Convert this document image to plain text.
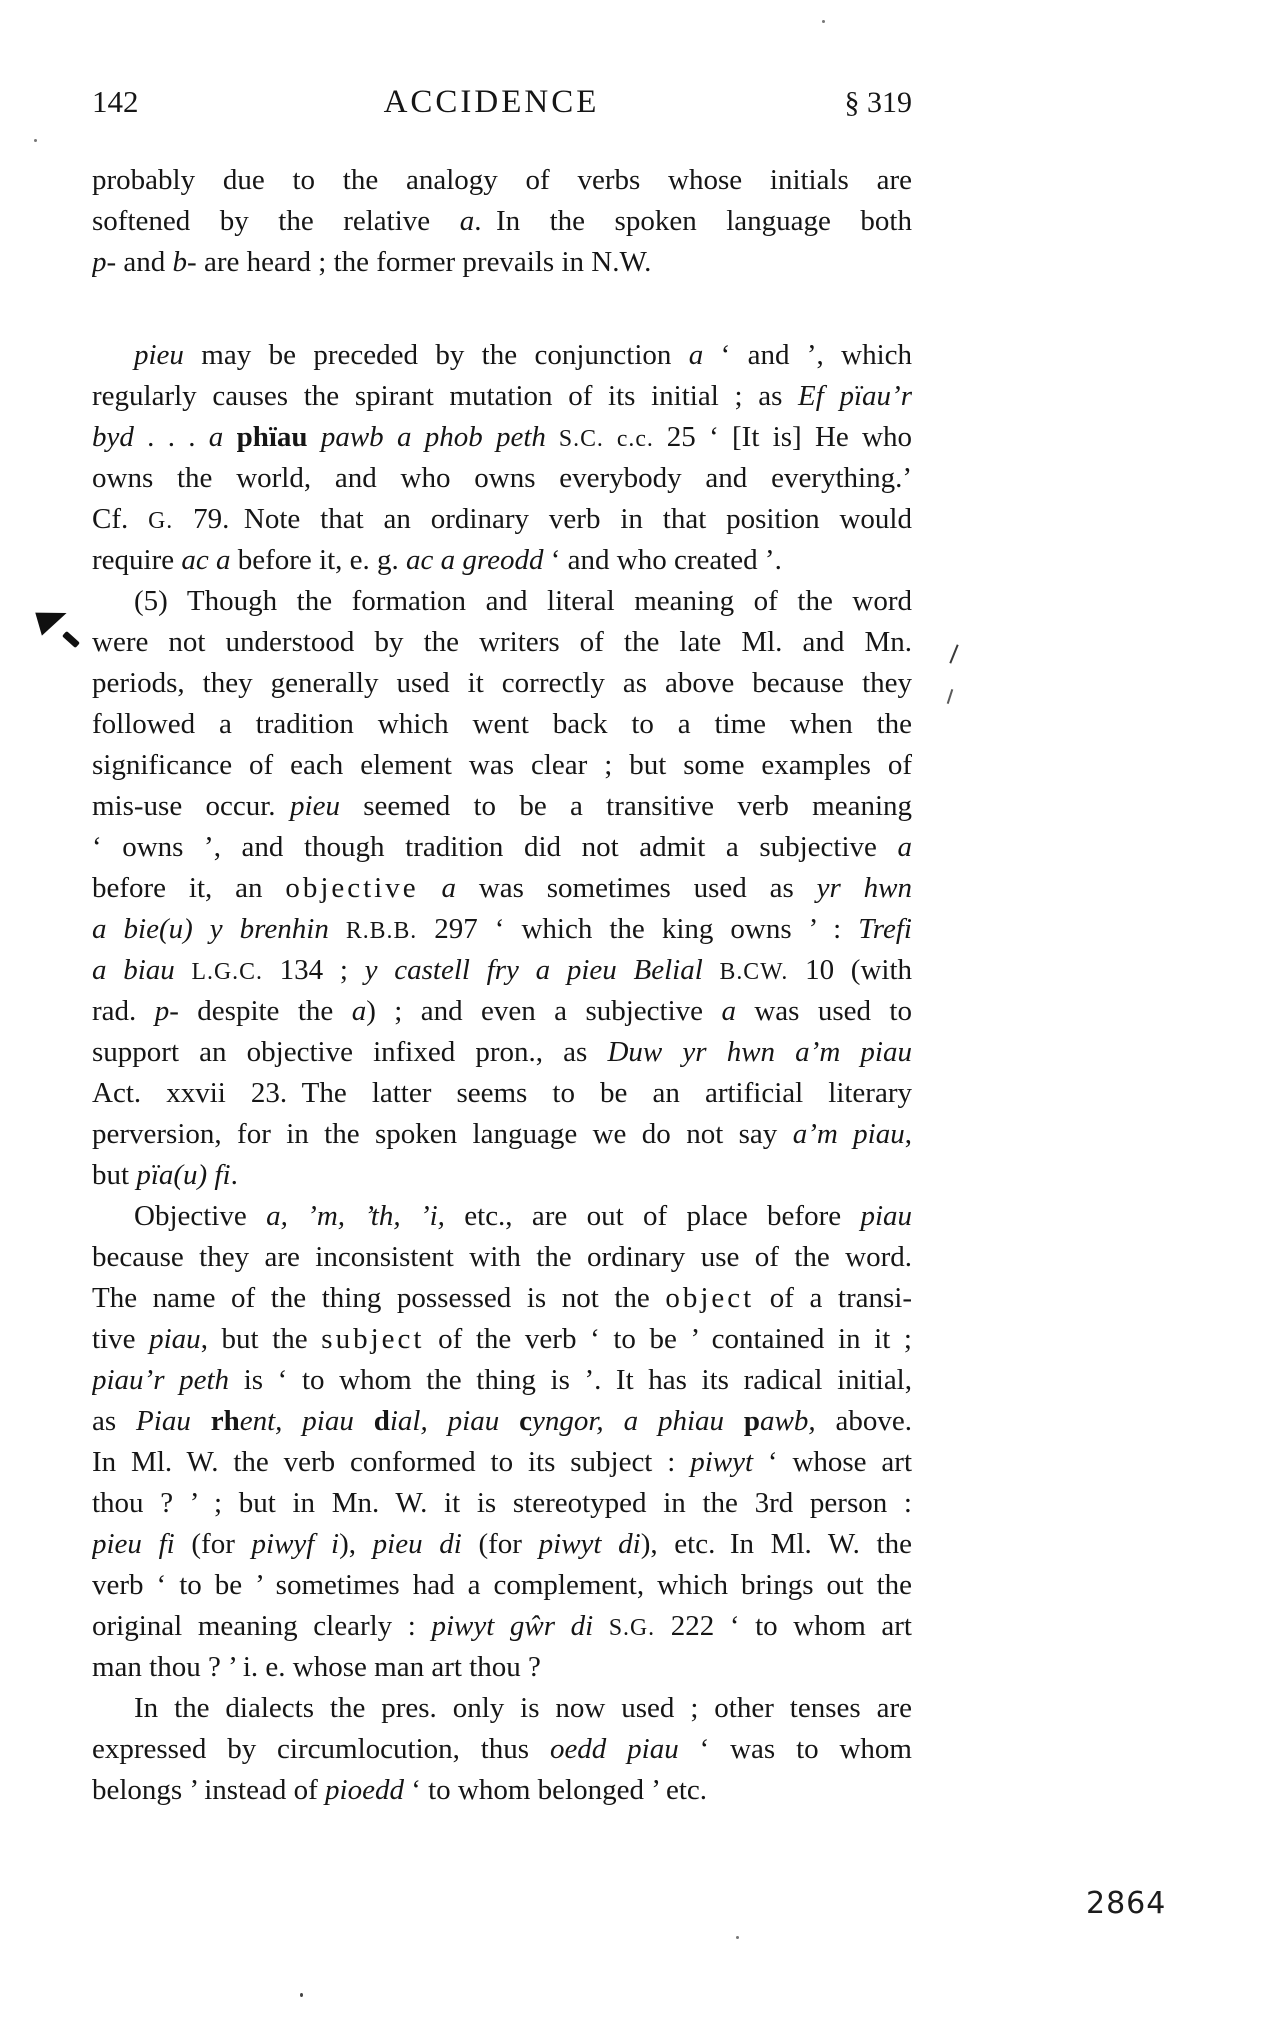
142	ACCIDENCE	§ 319
probably due to the analogy of verbs whose initials are
softened by the relative a. In the spoken language both
p- and b- are heard ; the former prevails in N.W.
pieu may be preceded by the conjunction a ‘ and ’, which
regularly causes the spirant mutation of its initial ; as Ef pïau’r
byd . . . a phïau pawb a phob peth S.C. c.c. 25 ‘ [It is] He who
owns the world, and who owns everybody and everything.’
Cf. G. 79. Note that an ordinary verb in that position would
require ac a before it, e. g. ac a greodd ‘ and who created ’.
(5) Though the formation and literal meaning of the word
were not understood by the writers of the late Ml. and Mn.
periods, they generally used it correctly as above because they
followed a tradition which went back to a time when the
significance of each element was clear ; but some examples of
mis-use occur. pieu seemed to be a transitive verb meaning
‘ owns ’, and though tradition did not admit a subjective a
before it, an objective a was sometimes used as yr hwn
a bie(u) y brenhin R.B.B. 297 ‘ which the king owns ’ : Trefi
a biau L.G.C. 134 ; y castell fry a pieu Belial B.CW. 10 (with
rad. p- despite the a) ; and even a subjective a was used to
support an objective infixed pron., as Duw yr hwn a’m piau
Act. xxvii 23. The latter seems to be an artificial literary
perversion, for in the spoken language we do not say a’m piau,
but pïa(u) fi.
Objective a, ’m, ’th, ’i, etc., are out of place before piau
because they are inconsistent with the ordinary use of the word.
The name of the thing possessed is not the object of a transi-
tive piau, but the subject of the verb ‘ to be ’ contained in it ;
piau’r peth is ‘ to whom the thing is ’. It has its radical initial,
as Piau rhent, piau dial, piau cyngor, a phiau pawb, above.
In Ml. W. the verb conformed to its subject : piwyt ‘ whose art
thou ? ’ ; but in Mn. W. it is stereotyped in the 3rd person :
pieu fi (for piwyf i), pieu di (for piwyt di), etc. In Ml. W. the
verb ‘ to be ’ sometimes had a complement, which brings out the
original meaning clearly : piwyt gŵr di S.G. 222 ‘ to whom art
man thou ? ’ i. e. whose man art thou ?
In the dialects the pres. only is now used ; other tenses are
expressed by circumlocution, thus oedd piau ‘ was to whom
belongs ’ instead of pioedd ‘ to whom belonged ’ etc.
2864
